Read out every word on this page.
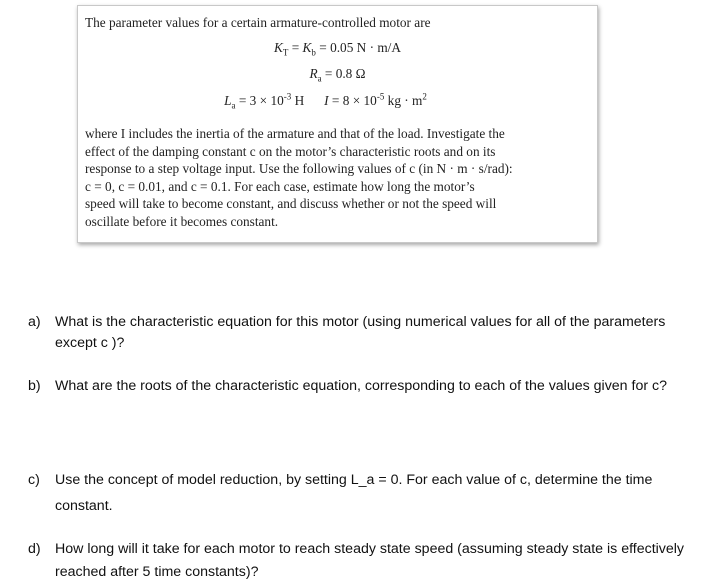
The parameter values for a certain armature-controlled motor are
$K_T = K_b = 0.05$ N · m/A
$R_a = 0.8$ Ω
$L_a = 3 \times 10^{-3}$ H $I = 8 \times 10^{-5}$ kg · $m^2$
where I includes the inertia of the armature and that of the load. Investigate the
effect of the damping constant c on the motor’s characteristic roots and on its
response to a step voltage input. Use the following values of c (in N · m · s/rad):
c = 0, c = 0.01, and c = 0.1. For each case, estimate how long the motor’s
speed will take to become constant, and discuss whether or not the speed will
oscillate before it becomes constant.
a) What is the characteristic equation for this motor (using numerical values for all of the parameters except c )?
b) What are the roots of the characteristic equation, corresponding to each of the values given for c?
c) Use the concept of model reduction, by setting L_a = 0. For each value of c, determine the time constant.
d) How long will it take for each motor to reach steady state speed (assuming steady state is effectively reached after 5 time constants)?
